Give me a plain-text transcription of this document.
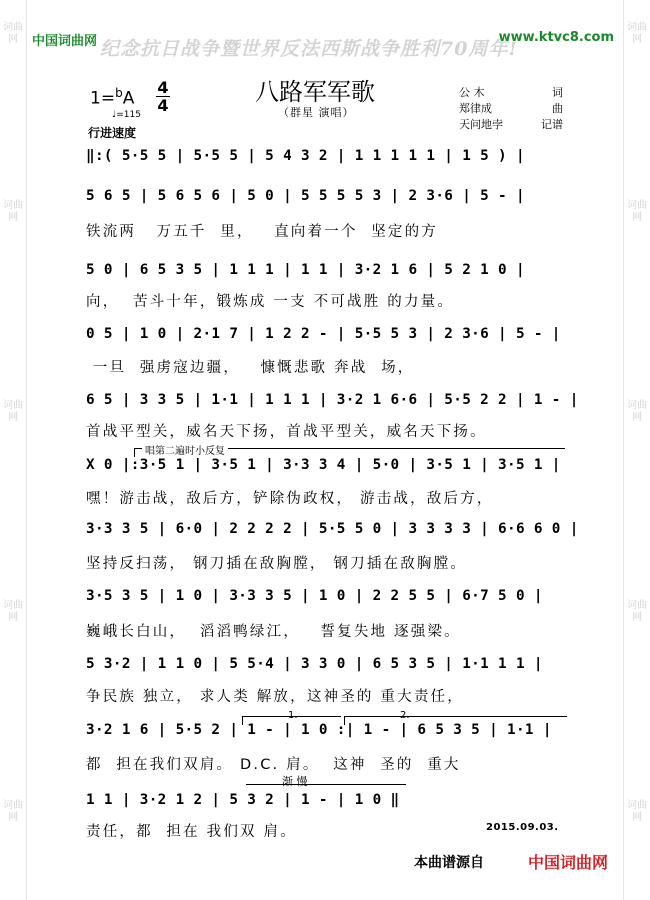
词曲网
词曲网
词曲网
词曲网
词曲网
词曲网
词曲网
词曲网
词曲网
词曲网
中国词曲网 纪念抗日战争暨世界反法西斯战争胜利70周年!
www.ktvc8.com
八路军军歌
（群星 演唱）
1=$^b$A
4
4
♩=115
行进速度
公 木	词
郑律成	曲
天问地孛	记谱
‖:( 5·5 5 | 5·5 5 | 5 4 3 2 | 1 1 1 1 1 | 1 5 ) |
5 6 5 | 5 6 5 6 | 5 0 | 5 5 5 5 3 | 2 3·6 | 5 - |
铁流两   万五千  里，   直向着一个  坚定的方
5 0 | 6 5 3 5 | 1 1 1 | 1 1 | 3·2 1 6 | 5 2 1 0 |
向，  苦斗十年，锻炼成 一支 不可战胜 的力量。
0 5 | 1 0 | 2·1 7 | 1 2 2 - | 5·5 5 3 | 2 3·6 | 5 - |
一旦  强虏寇边疆，   慷慨悲歌 奔战  场，
6 5 | 3 3 5 | 1·1 | 1 1 1 | 3·2 1 6·6 | 5·5 2 2 | 1 - |
首战平型关，威名天下扬，首战平型关，威名天下扬。
X 0 |:3·5 1 | 3·5 1 | 3·3 3 4 | 5·0 | 3·5 1 | 3·5 1 |
嘿！游击战，敌后方，铲除伪政权， 游击战，敌后方，
3·3 3 5 | 6·0 | 2 2 2 2 | 5·5 5 0 | 3 3 3 3 | 6·6 6 0 |
坚持反扫荡， 钢刀插在敌胸膛， 钢刀插在敌胸膛。
3·5 3 5 | 1 0 | 3·3 3 5 | 1 0 | 2 2 5 5 | 6·7 5 0 |
巍峨长白山，  滔滔鸭绿江，   誓复失地 逐强梁。
5 3·2 | 1 1 0 | 5 5·4 | 3 3 0 | 6 5 3 5 | 1·1 1 1 |
争民族 独立， 求人类 解放，这神圣的 重大责任，
3·2 1 6 | 5·5 2 | 1 - | 1 0 :| 1 - | 6 5 3 5 | 1·1 |
都  担在我们双肩。 D.C. 肩。  这神  圣的  重大
1 1 | 3·2 1 2 | 5 3 2 | 1 - | 1 0 ‖
责任，都  担在 我们双 肩。
唱第二遍时小反复
1.	2.
渐 慢
2015.09.03.
本曲谱源自	中国词曲网
